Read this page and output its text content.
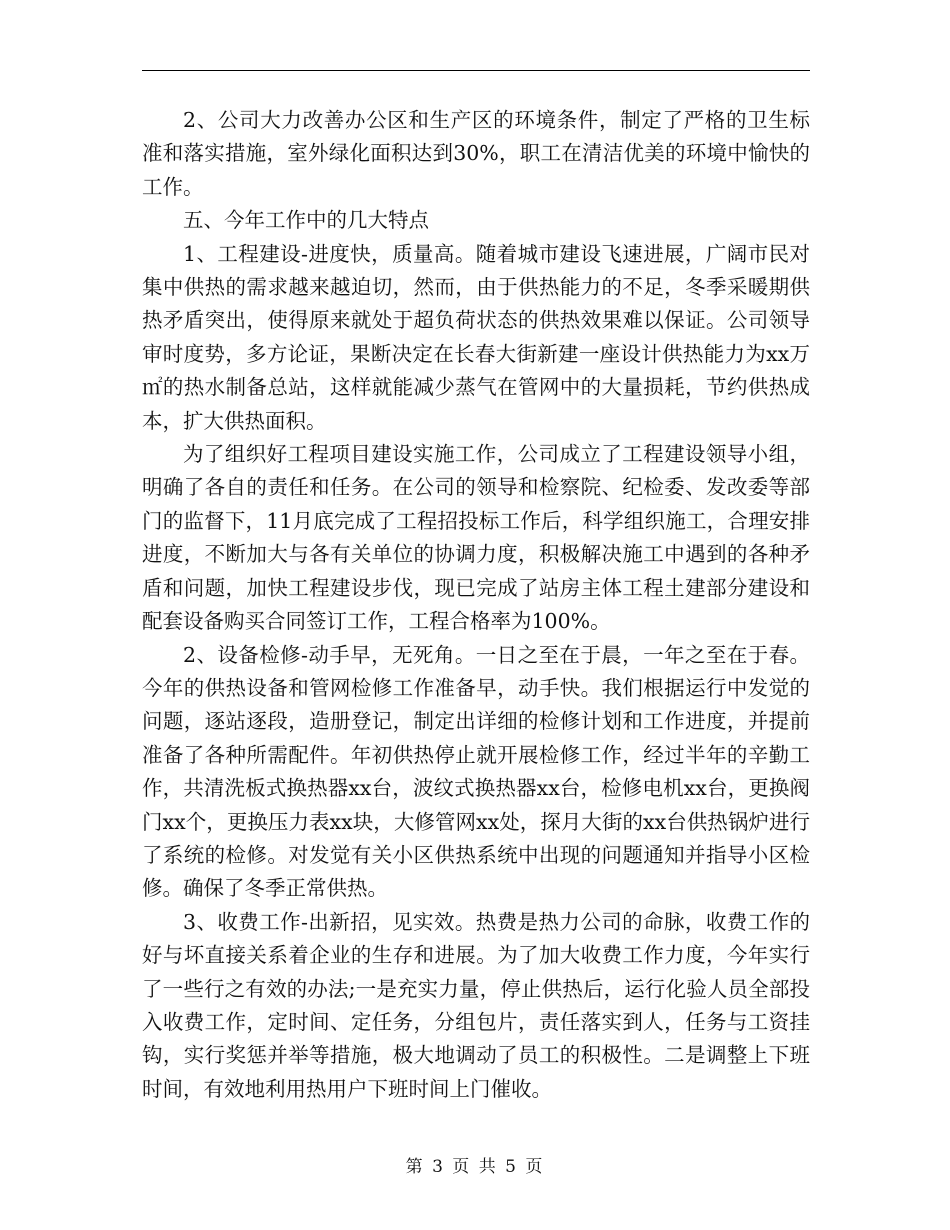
2、公司大力改善办公区和生产区的环境条件，制定了严格的卫生标准和落实措施，室外绿化面积达到30%，职工在清洁优美的环境中愉快的工作。

五、今年工作中的几大特点

1、工程建设-进度快，质量高。随着城市建设飞速进展，广阔市民对集中供热的需求越来越迫切，然而，由于供热能力的不足，冬季采暖期供热矛盾突出，使得原来就处于超负荷状态的供热效果难以保证。公司领导审时度势，多方论证，果断决定在长春大街新建一座设计供热能力为xx万㎡的热水制备总站，这样就能减少蒸气在管网中的大量损耗，节约供热成本，扩大供热面积。

为了组织好工程项目建设实施工作，公司成立了工程建设领导小组，明确了各自的责任和任务。在公司的领导和检察院、纪检委、发改委等部门的监督下，11月底完成了工程招投标工作后，科学组织施工，合理安排进度，不断加大与各有关单位的协调力度，积极解决施工中遇到的各种矛盾和问题，加快工程建设步伐，现已完成了站房主体工程土建部分建设和配套设备购买合同签订工作，工程合格率为100%。

2、设备检修-动手早，无死角。一日之至在于晨，一年之至在于春。今年的供热设备和管网检修工作准备早，动手快。我们根据运行中发觉的问题，逐站逐段，造册登记，制定出详细的检修计划和工作进度，并提前准备了各种所需配件。年初供热停止就开展检修工作，经过半年的辛勤工作，共清洗板式换热器xx台，波纹式换热器xx台，检修电机xx台，更换阀门xx个，更换压力表xx块，大修管网xx处，探月大街的xx台供热锅炉进行了系统的检修。对发觉有关小区供热系统中出现的问题通知并指导小区检修。确保了冬季正常供热。

3、收费工作-出新招，见实效。热费是热力公司的命脉，收费工作的好与坏直接关系着企业的生存和进展。为了加大收费工作力度，今年实行了一些行之有效的办法;一是充实力量，停止供热后，运行化验人员全部投入收费工作，定时间、定任务，分组包片，责任落实到人，任务与工资挂钩，实行奖惩并举等措施，极大地调动了员工的积极性。二是调整上下班时间，有效地利用热用户下班时间上门催收。

第 3 页 共 5 页
